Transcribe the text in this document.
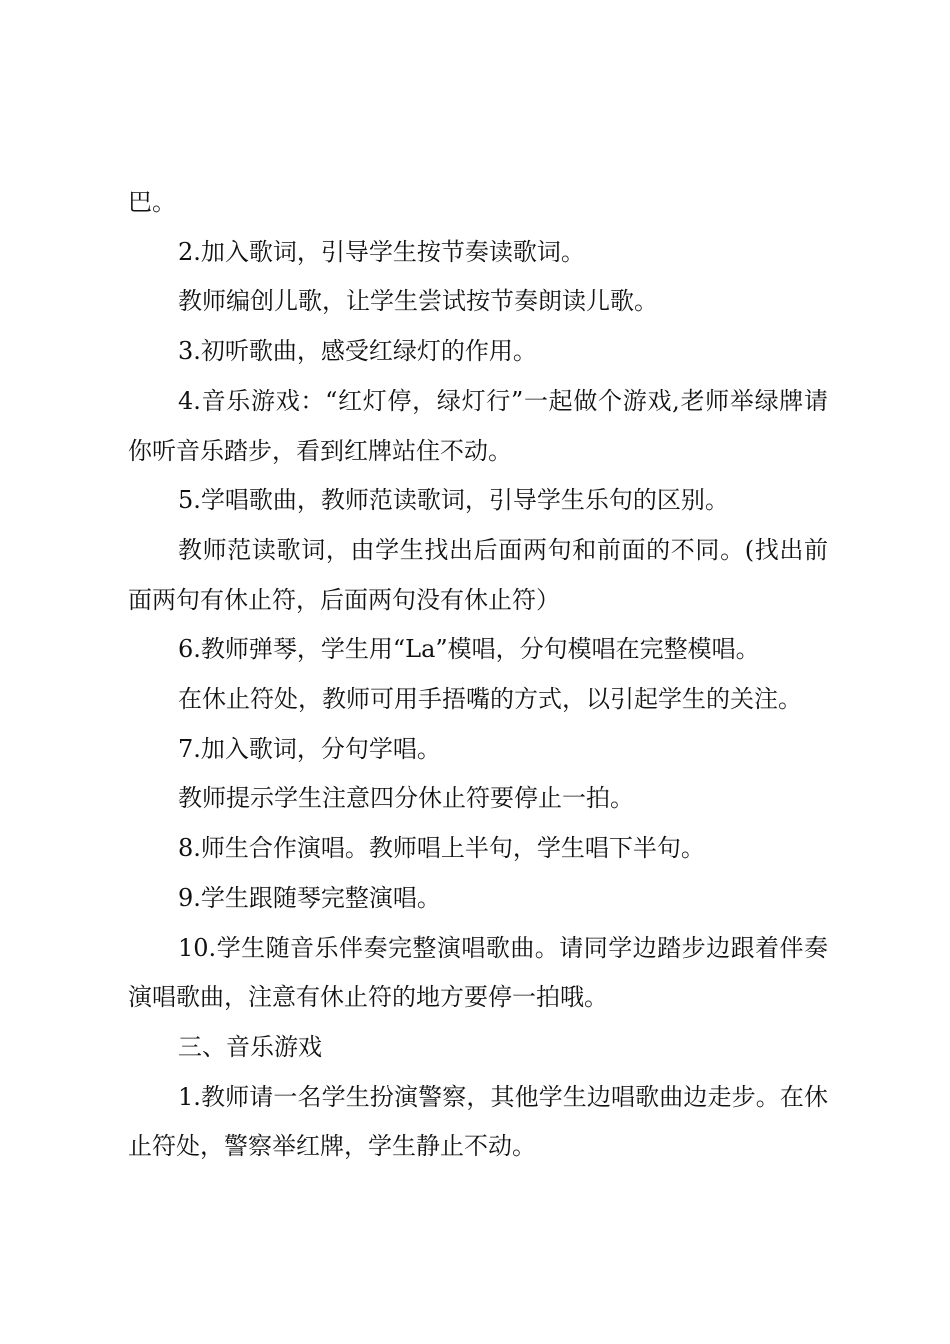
巴。

2.加入歌词，引导学生按节奏读歌词。

教师编创儿歌，让学生尝试按节奏朗读儿歌。

3.初听歌曲，感受红绿灯的作用。

4.音乐游戏：“红灯停，绿灯行”一起做个游戏,老师举绿牌请你听音乐踏步，看到红牌站住不动。

5.学唱歌曲，教师范读歌词，引导学生乐句的区别。

教师范读歌词，由学生找出后面两句和前面的不同。(找出前面两句有休止符，后面两句没有休止符）

6.教师弹琴，学生用“La”模唱，分句模唱在完整模唱。

在休止符处，教师可用手捂嘴的方式，以引起学生的关注。

7.加入歌词，分句学唱。

教师提示学生注意四分休止符要停止一拍。

8.师生合作演唱。教师唱上半句，学生唱下半句。

9.学生跟随琴完整演唱。

10.学生随音乐伴奏完整演唱歌曲。请同学边踏步边跟着伴奏演唱歌曲，注意有休止符的地方要停一拍哦。

三、音乐游戏

1.教师请一名学生扮演警察，其他学生边唱歌曲边走步。在休止符处，警察举红牌，学生静止不动。
